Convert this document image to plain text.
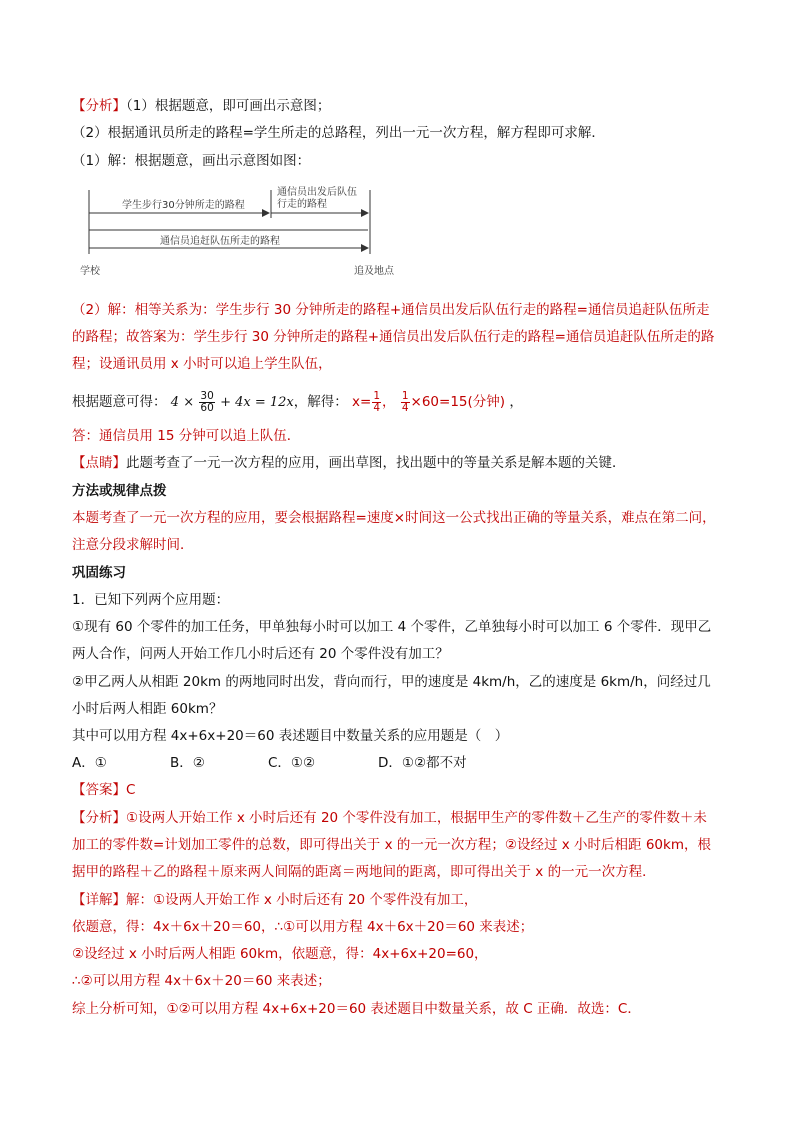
【分析】（1）根据题意，即可画出示意图；
（2）根据通讯员所走的路程=学生所走的总路程，列出一元一次方程，解方程即可求解．
（1）解：根据题意，画出示意图如图：
学生步行30分钟所走的路程
通信员出发后队伍
行走的路程
通信员追赶队伍所走的路程
学校	追及地点
（2）解：相等关系为：学生步行 30 分钟所走的路程+通信员出发后队伍行走的路程=通信员追赶队伍所走
的路程；故答案为：学生步行 30 分钟所走的路程+通信员出发后队伍行走的路程=通信员追赶队伍所走的路
程；设通讯员用 x 小时可以追上学生队伍，
根据题意可得： $4 \times \frac{30}{60} + 4x = 12x$，解得： $x= \frac{1}{4}$ ， $\frac{1}{4} \times 60=15$(分钟) ，
答：通信员用 15 分钟可以追上队伍．
【点睛】此题考查了一元一次方程的应用，画出草图，找出题中的等量关系是解本题的关键．
方法或规律点拨
本题考查了一元一次方程的应用，要会根据路程=速度×时间这一公式找出正确的等量关系，难点在第二问，
注意分段求解时间．
巩固练习
1．已知下列两个应用题：
①现有 60 个零件的加工任务，甲单独每小时可以加工 4 个零件，乙单独每小时可以加工 6 个零件．现甲乙
两人合作，问两人开始工作几小时后还有 20 个零件没有加工？
②甲乙两人从相距 20km 的两地同时出发，背向而行，甲的速度是 4km/h，乙的速度是 6km/h，问经过几
小时后两人相距 60km？
其中可以用方程 4x+6x+20＝60 表述题目中数量关系的应用题是（　）
A．①	B．②	C．①②	D．①②都不对
【答案】C
【分析】①设两人开始工作 x 小时后还有 20 个零件没有加工，根据甲生产的零件数＋乙生产的零件数＋未
加工的零件数=计划加工零件的总数，即可得出关于 x 的一元一次方程；②设经过 x 小时后相距 60km，根
据甲的路程＋乙的路程＋原来两人间隔的距离＝两地间的距离，即可得出关于 x 的一元一次方程．
【详解】解：①设两人开始工作 x 小时后还有 20 个零件没有加工，
依题意，得：4x＋6x＋20＝60，∴①可以用方程 4x＋6x＋20＝60 来表述；
②设经过 x 小时后两人相距 60km，依题意，得：4x+6x+20=60，
∴②可以用方程 4x＋6x＋20＝60 来表述；
综上分析可知，①②可以用方程 4x+6x+20＝60 表述题目中数量关系，故 C 正确．故选：C．
